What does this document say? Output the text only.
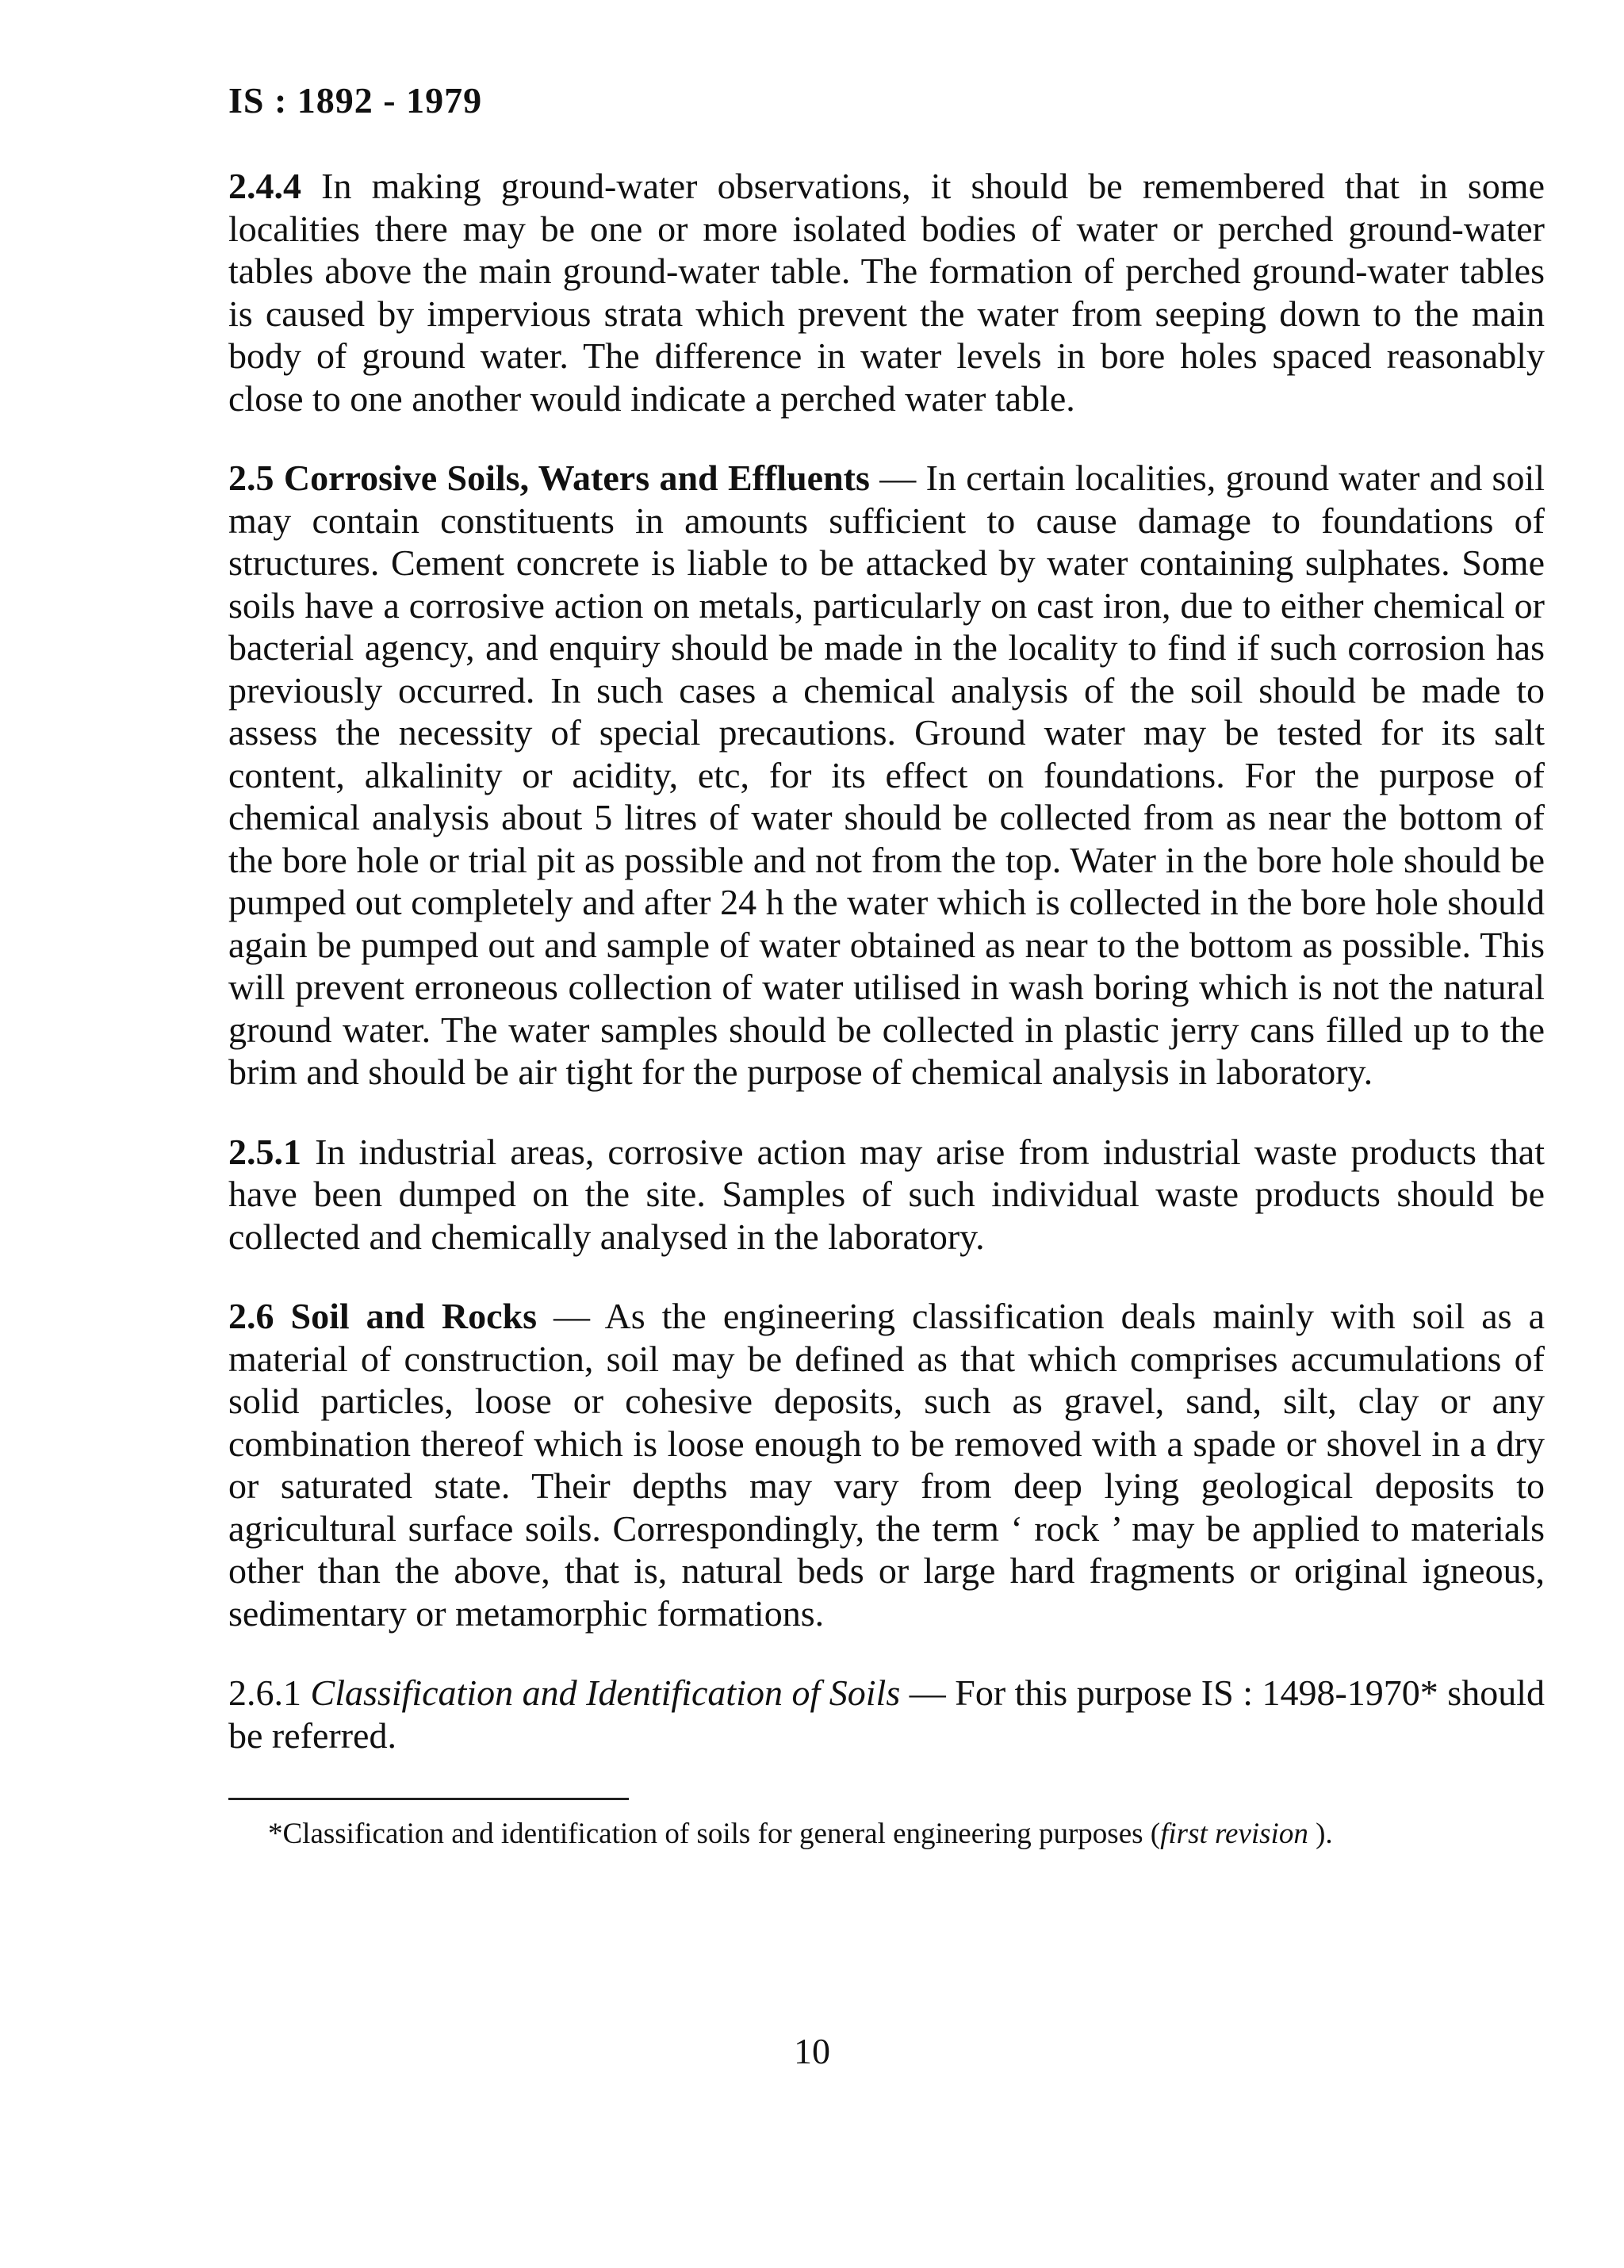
IS : 1892 - 1979

2.4.4 In making ground-water observations, it should be remembered that in some localities there may be one or more isolated bodies of water or perched ground-water tables above the main ground-water table. The formation of perched ground-water tables is caused by impervious strata which prevent the water from seeping down to the main body of ground water. The difference in water levels in bore holes spaced reasonably close to one another would indicate a perched water table.

2.5 Corrosive Soils, Waters and Effluents — In certain localities, ground water and soil may contain constituents in amounts sufficient to cause damage to foundations of structures. Cement concrete is liable to be attacked by water containing sulphates. Some soils have a corrosive action on metals, particularly on cast iron, due to either chemical or bacterial agency, and enquiry should be made in the locality to find if such corrosion has previously occurred. In such cases a chemical analysis of the soil should be made to assess the necessity of special precautions. Ground water may be tested for its salt content, alkalinity or acidity, etc, for its effect on foundations. For the purpose of chemical analysis about 5 litres of water should be collected from as near the bottom of the bore hole or trial pit as possible and not from the top. Water in the bore hole should be pumped out completely and after 24 h the water which is collected in the bore hole should again be pumped out and sample of water obtained as near to the bottom as possible. This will prevent erroneous collection of water utilised in wash boring which is not the natural ground water. The water samples should be collected in plastic jerry cans filled up to the brim and should be air tight for the purpose of chemical analysis in laboratory.

2.5.1 In industrial areas, corrosive action may arise from industrial waste products that have been dumped on the site. Samples of such individual waste products should be collected and chemically analysed in the laboratory.

2.6 Soil and Rocks — As the engineering classification deals mainly with soil as a material of construction, soil may be defined as that which comprises accumulations of solid particles, loose or cohesive deposits, such as gravel, sand, silt, clay or any combination thereof which is loose enough to be removed with a spade or shovel in a dry or saturated state. Their depths may vary from deep lying geological deposits to agricultural surface soils. Correspondingly, the term ‘ rock ’ may be applied to materials other than the above, that is, natural beds or large hard fragments or original igneous, sedimentary or metamorphic formations.

2.6.1 Classification and Identification of Soils — For this purpose IS : 1498-1970* should be referred.

*Classification and identification of soils for general engineering purposes (first revision ).
10
